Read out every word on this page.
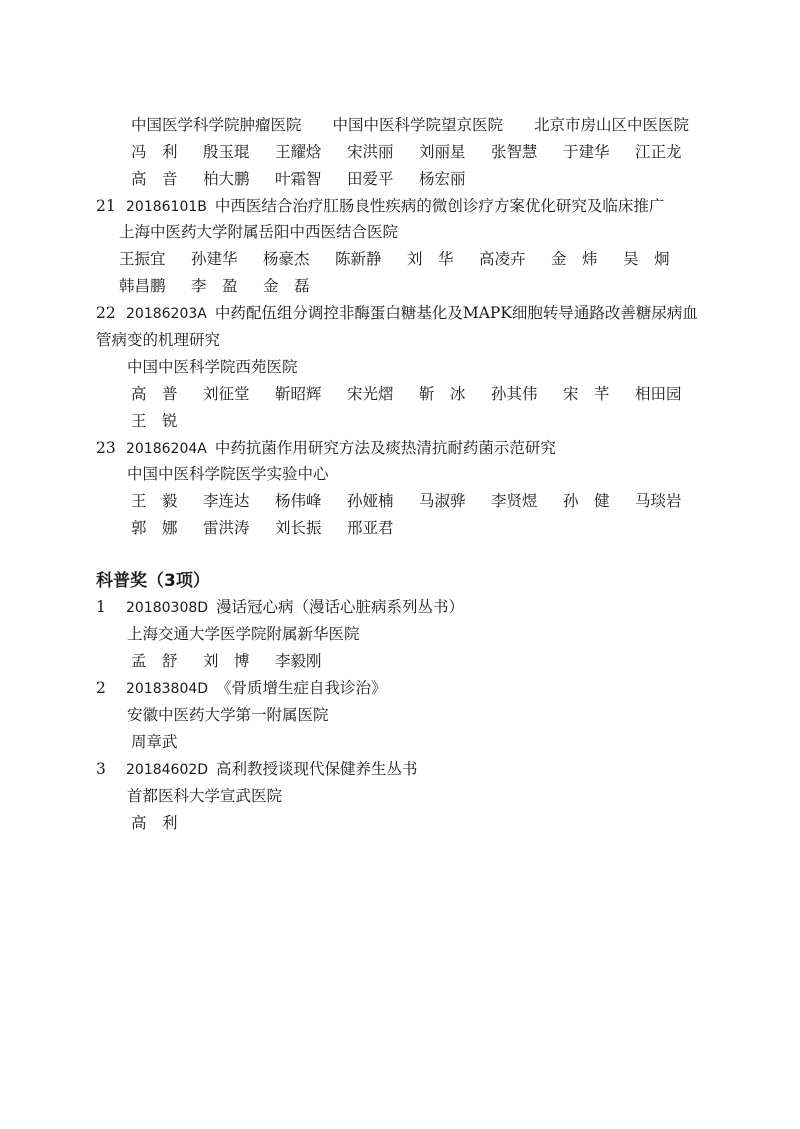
中国医学科学院肿瘤医院　　中国中医科学院望京医院　　北京市房山区中医医院
冯　利 殷玉琨 王耀焓 宋洪丽 刘丽星 张智慧 于建华 江正龙
高　音 柏大鹏 叶霜智 田爱平 杨宏丽
21 20186101B 中西医结合治疗肛肠良性疾病的微创诊疗方案优化研究及临床推广
上海中医药大学附属岳阳中西医结合医院
王振宜 孙建华 杨豪杰 陈新静 刘　华 高凌卉 金　炜 吴　炯
韩昌鹏 李　盈 金　磊
22 20186203A 中药配伍组分调控非酶蛋白糖基化及MAPK细胞转导通路改善糖尿病血
管病变的机理研究
中国中医科学院西苑医院
高　普 刘征堂 靳昭辉 宋光熠 靳　冰 孙其伟 宋　芊 相田园
王　锐
23 20186204A 中药抗菌作用研究方法及痰热清抗耐药菌示范研究
中国中医科学院医学实验中心
王　毅 李连达 杨伟峰 孙娅楠 马淑骅 李贤煜 孙　健 马琰岩
郭　娜 雷洪涛 刘长振 邢亚君
科普奖（3项）
1 20180308D 漫话冠心病（漫话心脏病系列丛书）
上海交通大学医学院附属新华医院
孟　舒 刘　博 李毅刚
2 20183804D 《骨质增生症自我诊治》
安徽中医药大学第一附属医院
周章武
3 20184602D 高利教授谈现代保健养生丛书
首都医科大学宣武医院
高　利
